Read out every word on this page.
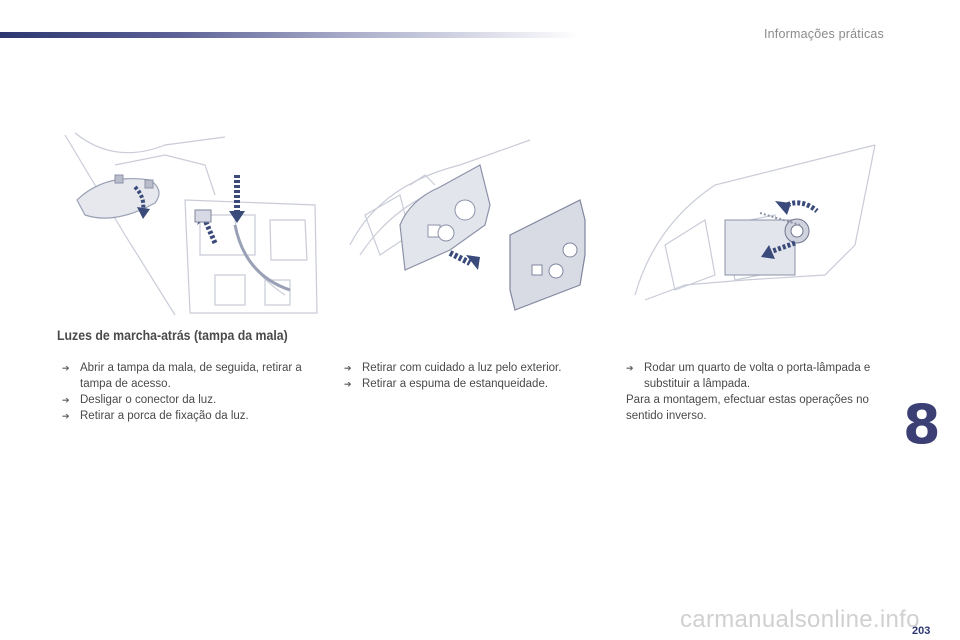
Informações práticas
Luzes de marcha-atrás (tampa da mala)
➔ Abrir a tampa da mala, de seguida, retirar a tampa de acesso.
➔ Desligar o conector da luz.
➔ Retirar a porca de fixação da luz.
➔ Retirar com cuidado a luz pelo exterior.
➔ Retirar a espuma de estanqueidade.
➔ Rodar um quarto de volta o porta-lâmpada e substituir a lâmpada.
Para a montagem, efectuar estas operações no sentido inverso.	8
203
carmanualsonline.info
